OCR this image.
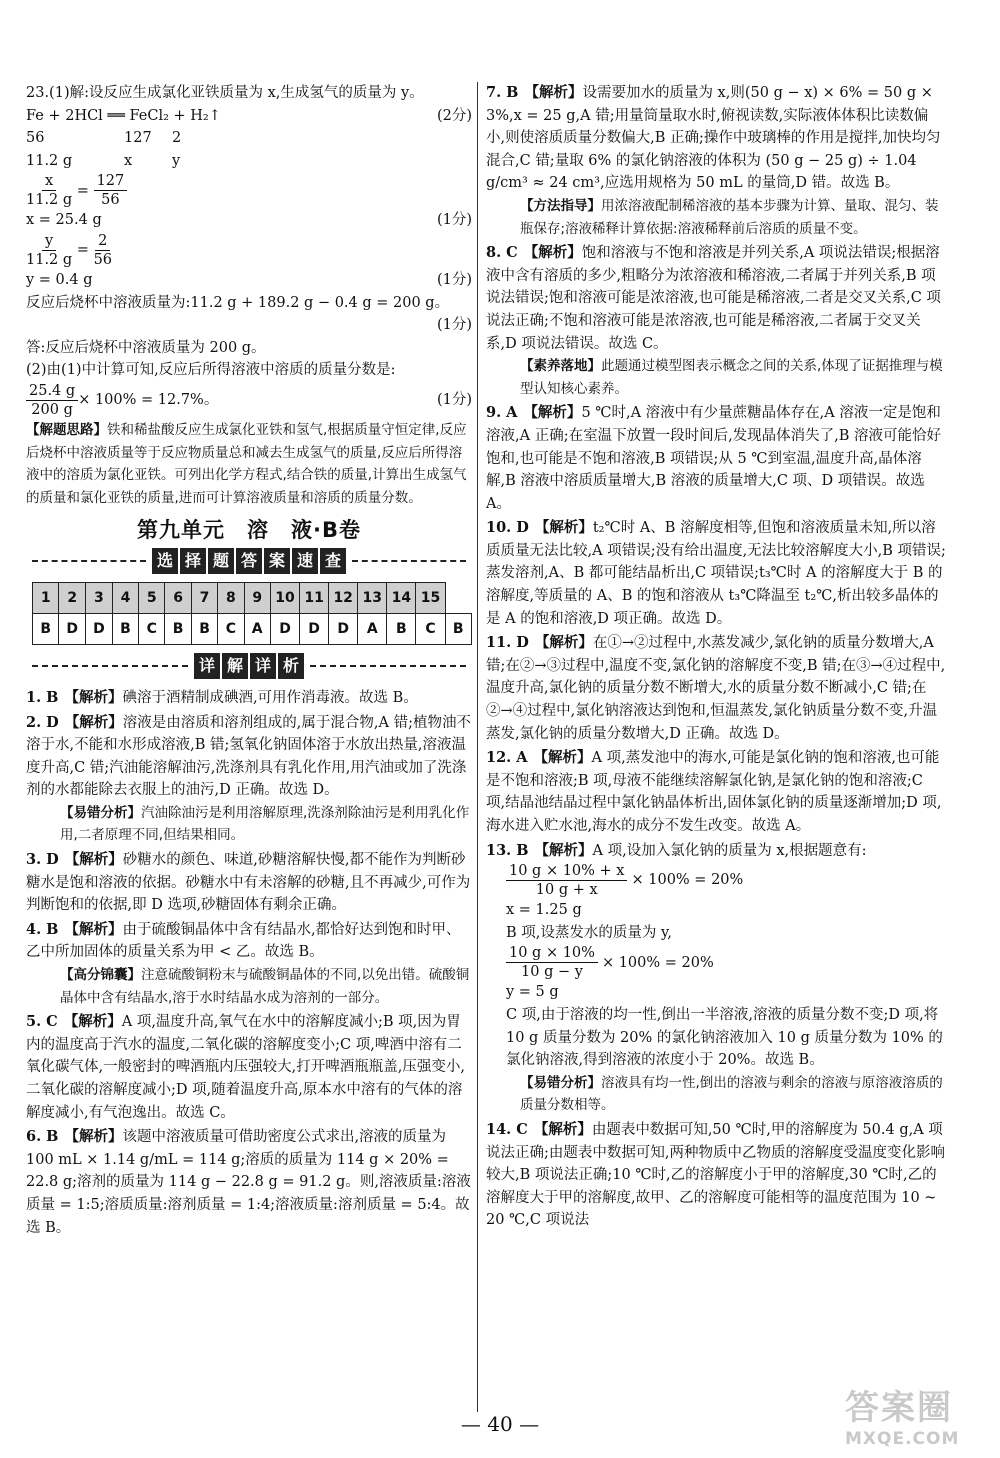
23.(1)解:设反应生成氯化亚铁质量为 x,生成氢气的质量为 y。

Fe + 2HCl ══ FeCl₂ + H₂↑	(2分)
56	127	2
11.2 g	x	y
$\frac{x}{11.2 g} = \frac{127}{56}$
x = 25.4 g	(1分)
$\frac{y}{11.2 g} = \frac{2}{56}$
y = 0.4 g	(1分)

反应后烧杯中溶液质量为:11.2 g + 189.2 g − 0.4 g = 200 g。

(1分)

答:反应后烧杯中溶液质量为 200 g。

(2)由(1)中计算可知,反应后所得溶液中溶质的质量分数是:

$\frac{25.4 g}{200 g} \times 100\% = 12.7\%$。	(1分)

【解题思路】铁和稀盐酸反应生成氯化亚铁和氢气,根据质量守恒定律,反应后烧杯中溶液质量等于反应物质量总和减去生成氢气的质量,反应后所得溶液中的溶质为氯化亚铁。可列出化学方程式,结合铁的质量,计算出生成氢气的质量和氯化亚铁的质量,进而可计算溶液质量和溶质的质量分数。

第九单元　溶　液·B卷
选 择 题 答 案 速 查
1	2	3	4	5	6	7	8	9	10	11	12	13	14	15	
B	D	D	B	C	B	B	C	A	D	D	D	A	B	C	B
详 解 详 析

1. B 【解析】碘溶于酒精制成碘酒,可用作消毒液。故选 B。

2. D 【解析】溶液是由溶质和溶剂组成的,属于混合物,A 错;植物油不溶于水,不能和水形成溶液,B 错;氢氧化钠固体溶于水放出热量,溶液温度升高,C 错;汽油能溶解油污,洗涤剂具有乳化作用,用汽油或加了洗涤剂的水都能除去衣服上的油污,D 正确。故选 D。

【易错分析】汽油除油污是利用溶解原理,洗涤剂除油污是利用乳化作用,二者原理不同,但结果相同。

3. D 【解析】砂糖水的颜色、味道,砂糖溶解快慢,都不能作为判断砂糖水是饱和溶液的依据。砂糖水中有未溶解的砂糖,且不再减少,可作为判断饱和的依据,即 D 选项,砂糖固体有剩余正确。

4. B 【解析】由于硫酸铜晶体中含有结晶水,都恰好达到饱和时甲、乙中所加固体的质量关系为甲 < 乙。故选 B。

【高分锦囊】注意硫酸铜粉末与硫酸铜晶体的不同,以免出错。硫酸铜晶体中含有结晶水,溶于水时结晶水成为溶剂的一部分。

5. C 【解析】A 项,温度升高,氧气在水中的溶解度减小;B 项,因为胃内的温度高于汽水的温度,二氧化碳的溶解度变小;C 项,啤酒中溶有二氧化碳气体,一般密封的啤酒瓶内压强较大,打开啤酒瓶瓶盖,压强变小,二氧化碳的溶解度减小;D 项,随着温度升高,原本水中溶有的气体的溶解度减小,有气泡逸出。故选 C。

6. B 【解析】该题中溶液质量可借助密度公式求出,溶液的质量为 100 mL × 1.14 g/mL = 114 g;溶质的质量为 114 g × 20% = 22.8 g;溶剂的质量为 114 g − 22.8 g = 91.2 g。则,溶液质量:溶液质量 = 1:5;溶质质量:溶剂质量 = 1:4;溶液质量:溶剂质量 = 5:4。故选 B。

7. B 【解析】设需要加水的质量为 x,则(50 g − x) × 6% = 50 g × 3%,x = 25 g,A 错;用量筒量取水时,俯视读数,实际液体体积比读数偏小,则使溶质质量分数偏大,B 正确;操作中玻璃棒的作用是搅拌,加快均匀混合,C 错;量取 6% 的氯化钠溶液的体积为 (50 g − 25 g) ÷ 1.04 g/cm³ ≈ 24 cm³,应选用规格为 50 mL 的量筒,D 错。故选 B。

【方法指导】用浓溶液配制稀溶液的基本步骤为计算、量取、混匀、装瓶保存;溶液稀释计算依据:溶液稀释前后溶质的质量不变。

8. C 【解析】饱和溶液与不饱和溶液是并列关系,A 项说法错误;根据溶液中含有溶质的多少,粗略分为浓溶液和稀溶液,二者属于并列关系,B 项说法错误;饱和溶液可能是浓溶液,也可能是稀溶液,二者是交叉关系,C 项说法正确;不饱和溶液可能是浓溶液,也可能是稀溶液,二者属于交叉关系,D 项说法错误。故选 C。

【素养落地】此题通过模型图表示概念之间的关系,体现了证据推理与模型认知核心素养。

9. A 【解析】5 ℃时,A 溶液中有少量蔗糖晶体存在,A 溶液一定是饱和溶液,A 正确;在室温下放置一段时间后,发现晶体消失了,B 溶液可能恰好饱和,也可能是不饱和溶液,B 项错误;从 5 ℃到室温,温度升高,晶体溶解,B 溶液中溶质质量增大,B 溶液的质量增大,C 项、D 项错误。故选 A。

10. D 【解析】t₂℃时 A、B 溶解度相等,但饱和溶液质量未知,所以溶质质量无法比较,A 项错误;没有给出温度,无法比较溶解度大小,B 项错误;蒸发溶剂,A、B 都可能结晶析出,C 项错误;t₃℃时 A 的溶解度大于 B 的溶解度,等质量的 A、B 的饱和溶液从 t₃℃降温至 t₂℃,析出较多晶体的是 A 的饱和溶液,D 项正确。故选 D。

11. D 【解析】在①→②过程中,水蒸发减少,氯化钠的质量分数增大,A 错;在②→③过程中,温度不变,氯化钠的溶解度不变,B 错;在③→④过程中,温度升高,氯化钠的质量分数不断增大,水的质量分数不断减小,C 错;在②→④过程中,氯化钠溶液达到饱和,恒温蒸发,氯化钠质量分数不变,升温蒸发,氯化钠的质量分数增大,D 正确。故选 D。

12. A 【解析】A 项,蒸发池中的海水,可能是氯化钠的饱和溶液,也可能是不饱和溶液;B 项,母液不能继续溶解氯化钠,是氯化钠的饱和溶液;C 项,结晶池结晶过程中氯化钠晶体析出,固体氯化钠的质量逐渐增加;D 项,海水进入贮水池,海水的成分不发生改变。故选 A。

13. B 【解析】A 项,设加入氯化钠的质量为 x,根据题意有:

$\frac{10 g \times 10\% + x}{10 g + x} \times 100\% = 20\%$

x = 1.25 g

B 项,设蒸发水的质量为 y,

$\frac{10 g \times 10\%}{10 g - y} \times 100\% = 20\%$

y = 5 g

C 项,由于溶液的均一性,倒出一半溶液,溶液的质量分数不变;D 项,将 10 g 质量分数为 20% 的氯化钠溶液加入 10 g 质量分数为 10% 的氯化钠溶液,得到溶液的浓度小于 20%。故选 B。

【易错分析】溶液具有均一性,倒出的溶液与剩余的溶液与原溶液溶质的质量分数相等。

14. C 【解析】由题表中数据可知,50 ℃时,甲的溶解度为 50.4 g,A 项说法正确;由题表中数据可知,两种物质中乙物质的溶解度受温度变化影响较大,B 项说法正确;10 ℃时,乙的溶解度小于甲的溶解度,30 ℃时,乙的溶解度大于甲的溶解度,故甲、乙的溶解度可能相等的温度范围为 10 ~ 20 ℃,C 项说法

— 40 —	答案圈
MXQE.COM
